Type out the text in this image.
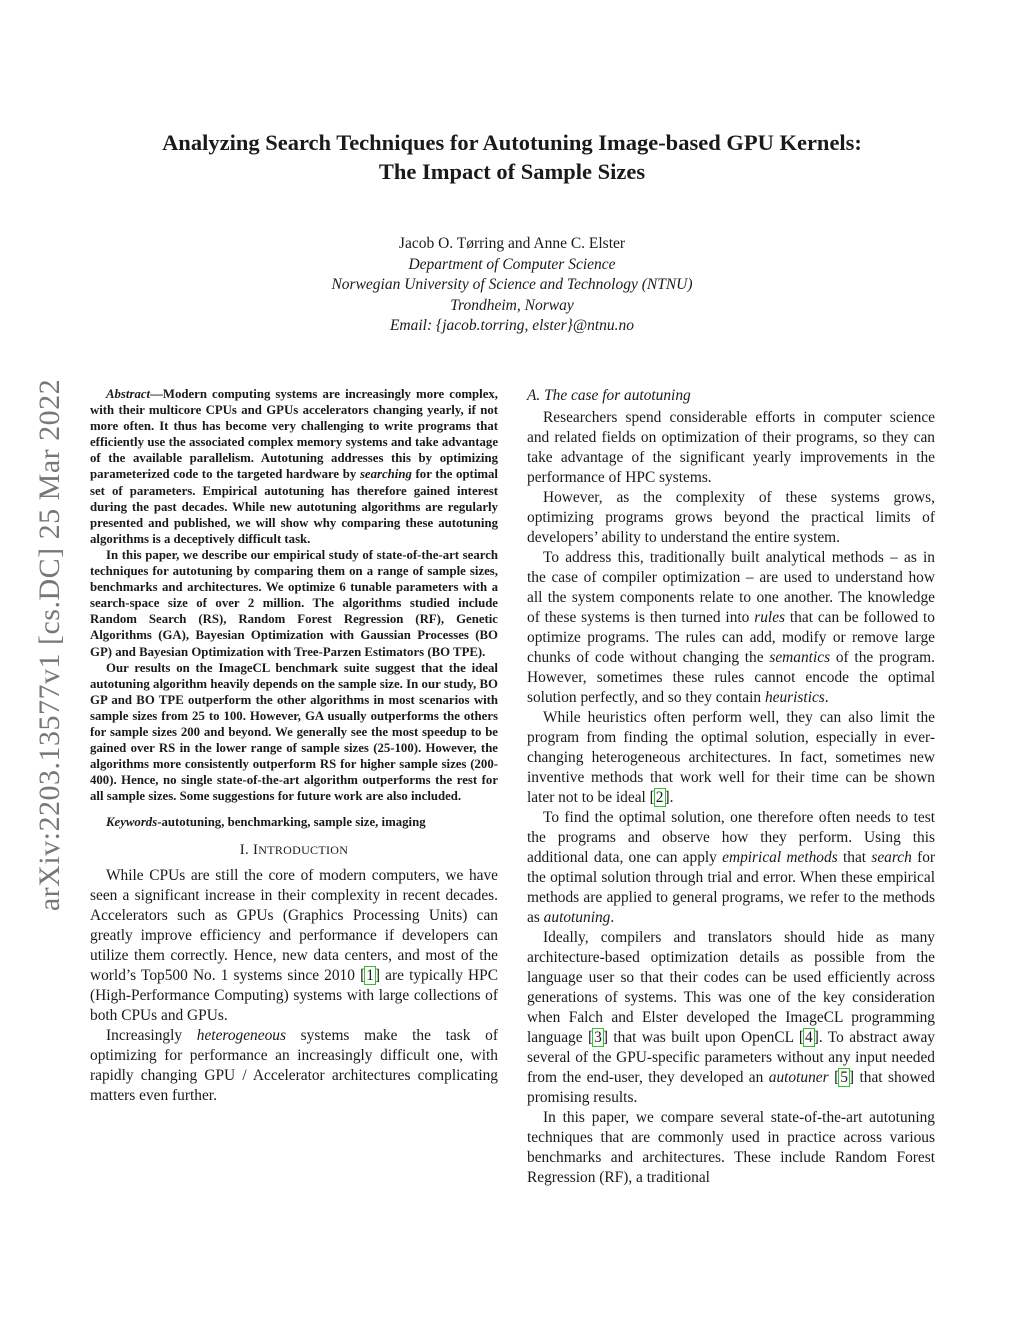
arXiv:2203.13577v1 [cs.DC] 25 Mar 2022
Analyzing Search Techniques for Autotuning Image-based GPU Kernels:
The Impact of Sample Sizes
Jacob O. Tørring and Anne C. Elster
Department of Computer Science
Norwegian University of Science and Technology (NTNU)
Trondheim, Norway
Email: {jacob.torring, elster}@ntnu.no

Abstract—Modern computing systems are increasingly more complex, with their multicore CPUs and GPUs accelerators changing yearly, if not more often. It thus has become very challenging to write programs that efficiently use the associated complex memory systems and take advantage of the available parallelism. Autotuning addresses this by optimizing parameterized code to the targeted hardware by searching for the optimal set of parameters. Empirical autotuning has therefore gained interest during the past decades. While new autotuning algorithms are regularly presented and published, we will show why comparing these autotuning algorithms is a deceptively difficult task.

In this paper, we describe our empirical study of state-of-the-art search techniques for autotuning by comparing them on a range of sample sizes, benchmarks and architectures. We optimize 6 tunable parameters with a search-space size of over 2 million. The algorithms studied include Random Search (RS), Random Forest Regression (RF), Genetic Algorithms (GA), Bayesian Optimization with Gaussian Processes (BO GP) and Bayesian Optimization with Tree-Parzen Estimators (BO TPE).

Our results on the ImageCL benchmark suite suggest that the ideal autotuning algorithm heavily depends on the sample size. In our study, BO GP and BO TPE outperform the other algorithms in most scenarios with sample sizes from 25 to 100. However, GA usually outperforms the others for sample sizes 200 and beyond. We generally see the most speedup to be gained over RS in the lower range of sample sizes (25-100). However, the algorithms more consistently outperform RS for higher sample sizes (200-400). Hence, no single state-of-the-art algorithm outperforms the rest for all sample sizes. Some suggestions for future work are also included.

Keywords-autotuning, benchmarking, sample size, imaging
I. INTRODUCTION

While CPUs are still the core of modern computers, we have seen a significant increase in their complexity in recent decades. Accelerators such as GPUs (Graphics Processing Units) can greatly improve efficiency and performance if developers can utilize them correctly. Hence, new data centers, and most of the world’s Top500 No. 1 systems since 2010 [1] are typically HPC (High-Performance Computing) systems with large collections of both CPUs and GPUs.

Increasingly heterogeneous systems make the task of optimizing for performance an increasingly difficult one, with rapidly changing GPU / Accelerator architectures complicating matters even further.

A. The case for autotuning

Researchers spend considerable efforts in computer science and related fields on optimization of their programs, so they can take advantage of the significant yearly improvements in the performance of HPC systems.

However, as the complexity of these systems grows, optimizing programs grows beyond the practical limits of developers’ ability to understand the entire system.

To address this, traditionally built analytical methods – as in the case of compiler optimization – are used to understand how all the system components relate to one another. The knowledge of these systems is then turned into rules that can be followed to optimize programs. The rules can add, modify or remove large chunks of code without changing the semantics of the program. However, sometimes these rules cannot encode the optimal solution perfectly, and so they contain heuristics.

While heuristics often perform well, they can also limit the program from finding the optimal solution, especially in ever-changing heterogeneous architectures. In fact, sometimes new inventive methods that work well for their time can be shown later not to be ideal [2].

To find the optimal solution, one therefore often needs to test the programs and observe how they perform. Using this additional data, one can apply empirical methods that search for the optimal solution through trial and error. When these empirical methods are applied to general programs, we refer to the methods as autotuning.

Ideally, compilers and translators should hide as many architecture-based optimization details as possible from the language user so that their codes can be used efficiently across generations of systems. This was one of the key consideration when Falch and Elster developed the ImageCL programming language [3] that was built upon OpenCL [4]. To abstract away several of the GPU-specific parameters without any input needed from the end-user, they developed an autotuner [5] that showed promising results.

In this paper, we compare several state-of-the-art autotuning techniques that are commonly used in practice across various benchmarks and architectures. These include Random Forest Regression (RF), a traditional
